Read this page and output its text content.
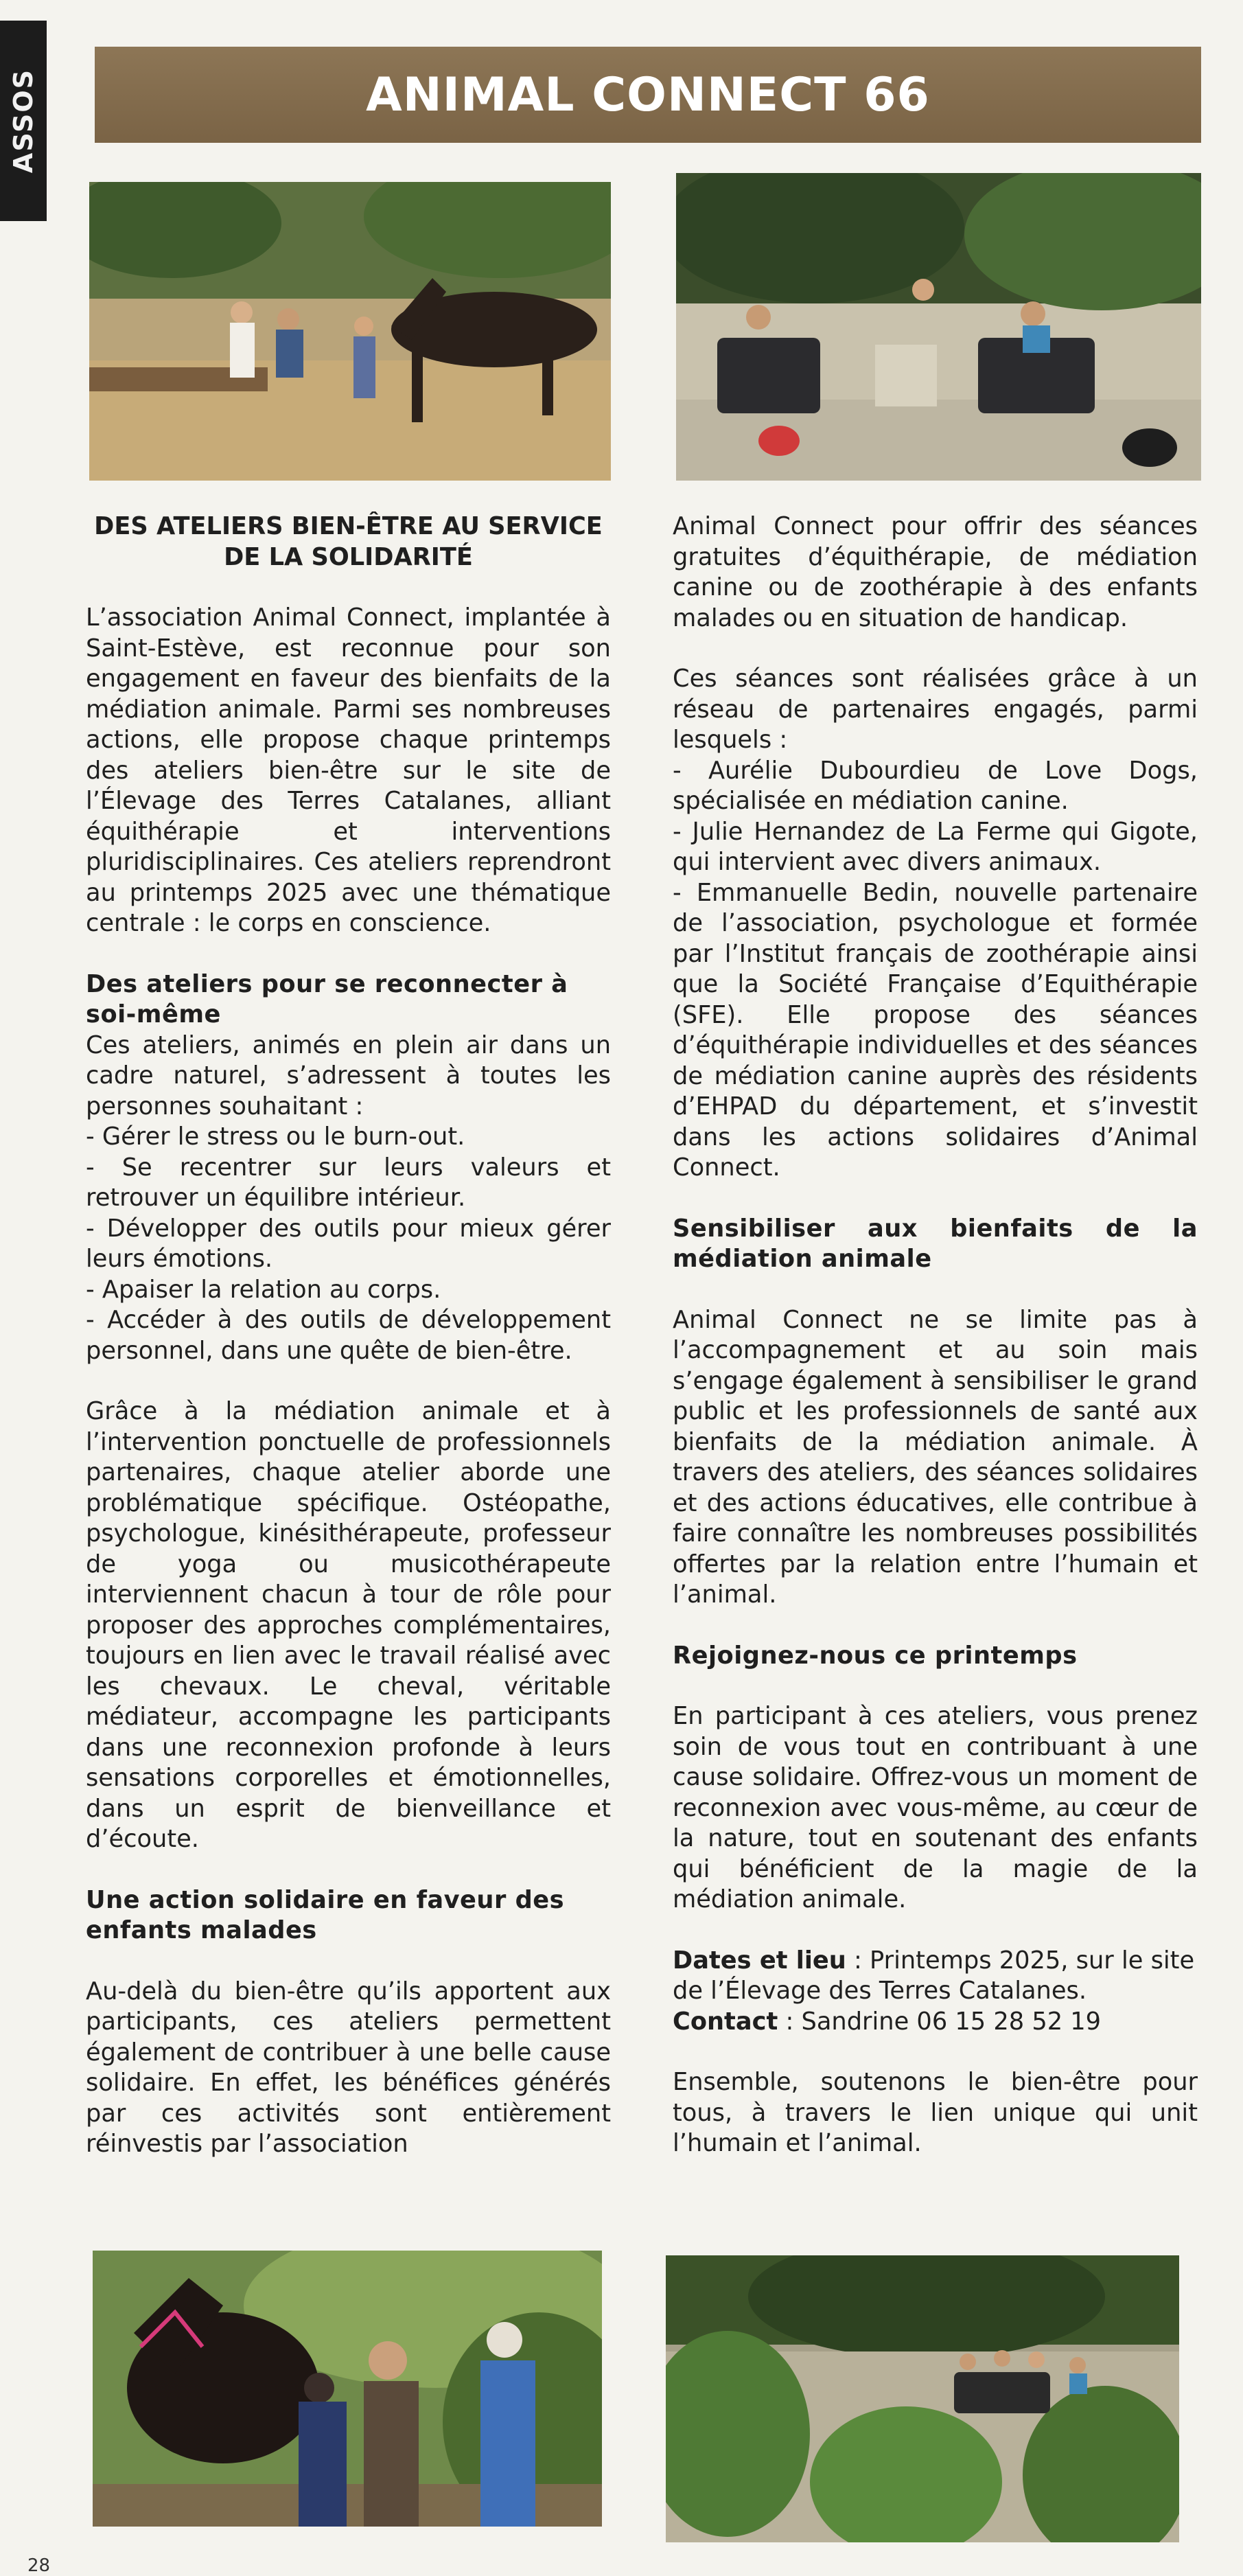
ASSOS	ANIMAL CONNECT 66

DES ATELIERS BIEN-ÊTRE AU SERVICE DE LA SOLIDARITÉ

L’association Animal Connect, implantée à Saint-Estève, est reconnue pour son engagement en faveur des bienfaits de la médiation animale. Parmi ses nombreuses actions, elle propose chaque printemps des ateliers bien-être sur le site de l’Élevage des Terres Catalanes, alliant équithérapie et interventions pluridisciplinaires. Ces ateliers reprendront au printemps 2025 avec une thématique centrale : le corps en conscience.

Des ateliers pour se reconnecter à soi-même

Ces ateliers, animés en plein air dans un cadre naturel, s’adressent à toutes les personnes souhaitant :

- Gérer le stress ou le burn-out.

- Se recentrer sur leurs valeurs et retrouver un équilibre intérieur.

- Développer des outils pour mieux gérer leurs émotions.

- Apaiser la relation au corps.

- Accéder à des outils de développement personnel, dans une quête de bien-être.

Grâce à la médiation animale et à l’intervention ponctuelle de professionnels partenaires, chaque atelier aborde une problématique spécifique. Ostéopathe, psychologue, kinésithérapeute, professeur de yoga ou musicothérapeute interviennent chacun à tour de rôle pour proposer des approches complémentaires, toujours en lien avec le travail réalisé avec les chevaux. Le cheval, véritable médiateur, accompagne les participants dans une reconnexion profonde à leurs sensations corporelles et émotionnelles, dans un esprit de bienveillance et d’écoute.

Une action solidaire en faveur des enfants malades

Au-delà du bien-être qu’ils apportent aux participants, ces ateliers permettent également de contribuer à une belle cause solidaire. En effet, les bénéfices générés par ces activités sont entièrement réinvestis par l’association

Animal Connect pour offrir des séances gratuites d’équithérapie, de médiation canine ou de zoothérapie à des enfants malades ou en situation de handicap.

Ces séances sont réalisées grâce à un réseau de partenaires engagés, parmi lesquels :

- Aurélie Dubourdieu de Love Dogs, spécialisée en médiation canine.

- Julie Hernandez de La Ferme qui Gigote, qui intervient avec divers animaux.

- Emmanuelle Bedin, nouvelle partenaire de l’association, psychologue et formée par l’Institut français de zoothérapie ainsi que la Société Française d’Equithérapie (SFE). Elle propose des séances d’équithérapie individuelles et des séances de médiation canine auprès des résidents d’EHPAD du département, et s’investit dans les actions solidaires d’Animal Connect.

Sensibiliser aux bienfaits de la médiation animale

Animal Connect ne se limite pas à l’accompagnement et au soin mais s’engage également à sensibiliser le grand public et les professionnels de santé aux bienfaits de la médiation animale. À travers des ateliers, des séances solidaires et des actions éducatives, elle contribue à faire connaître les nombreuses possibilités offertes par la relation entre l’humain et l’animal.

Rejoignez-nous ce printemps

En participant à ces ateliers, vous prenez soin de vous tout en contribuant à une cause solidaire. Offrez-vous un moment de reconnexion avec vous-même, au cœur de la nature, tout en soutenant des enfants qui bénéficient de la magie de la médiation animale.

Dates et lieu : Printemps 2025, sur le site de l’Élevage des Terres Catalanes.

Contact : Sandrine 06 15 28 52 19

Ensemble, soutenons le bien-être pour tous, à travers le lien unique qui unit l’humain et l’animal.

28
